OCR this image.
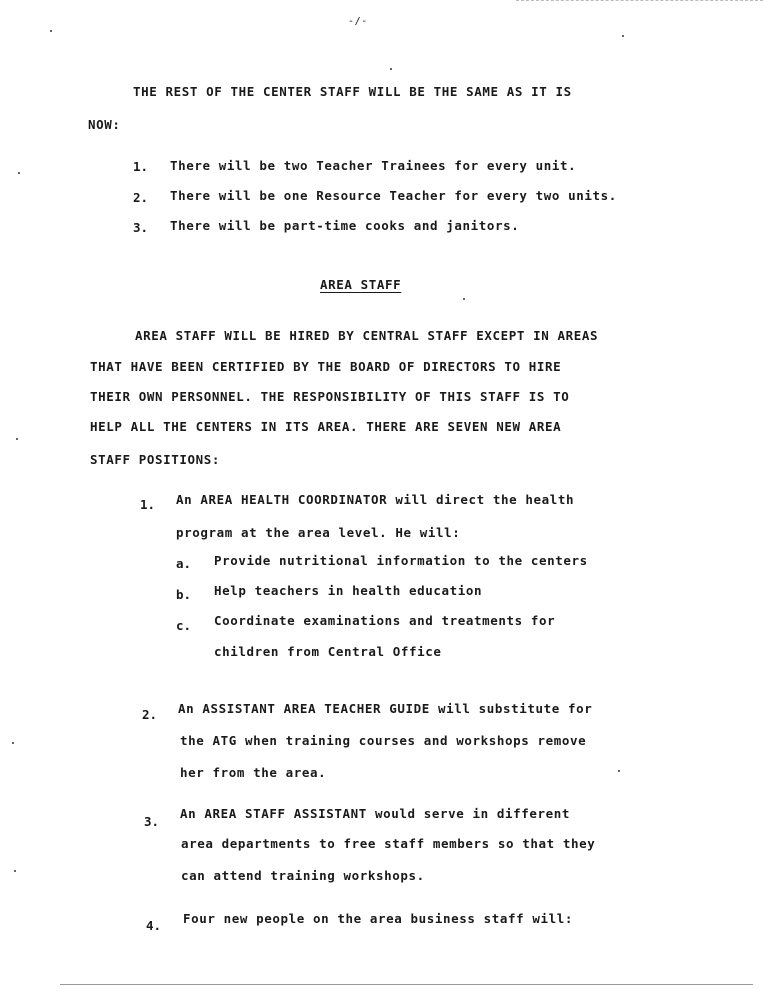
-/-
THE REST OF THE CENTER STAFF WILL BE THE SAME AS IT IS
NOW:
1. There will be two Teacher Trainees for every unit.
2. There will be one Resource Teacher for every two units.
3. There will be part-time cooks and janitors.
AREA STAFF
AREA STAFF WILL BE HIRED BY CENTRAL STAFF EXCEPT IN AREAS
THAT HAVE BEEN CERTIFIED BY THE BOARD OF DIRECTORS TO HIRE
THEIR OWN PERSONNEL. THE RESPONSIBILITY OF THIS STAFF IS TO
HELP ALL THE CENTERS IN ITS AREA. THERE ARE SEVEN NEW AREA
STAFF POSITIONS:
1. An AREA HEALTH COORDINATOR will direct the health
program at the area level. He will:
a. Provide nutritional information to the centers
b. Help teachers in health education
c. Coordinate examinations and treatments for
children from Central Office
2. An ASSISTANT AREA TEACHER GUIDE will substitute for
the ATG when training courses and workshops remove
her from the area.
3.
An AREA STAFF ASSISTANT would serve in different
area departments to free staff members so that they
can attend training workshops.
4. Four new people on the area business staff will:
